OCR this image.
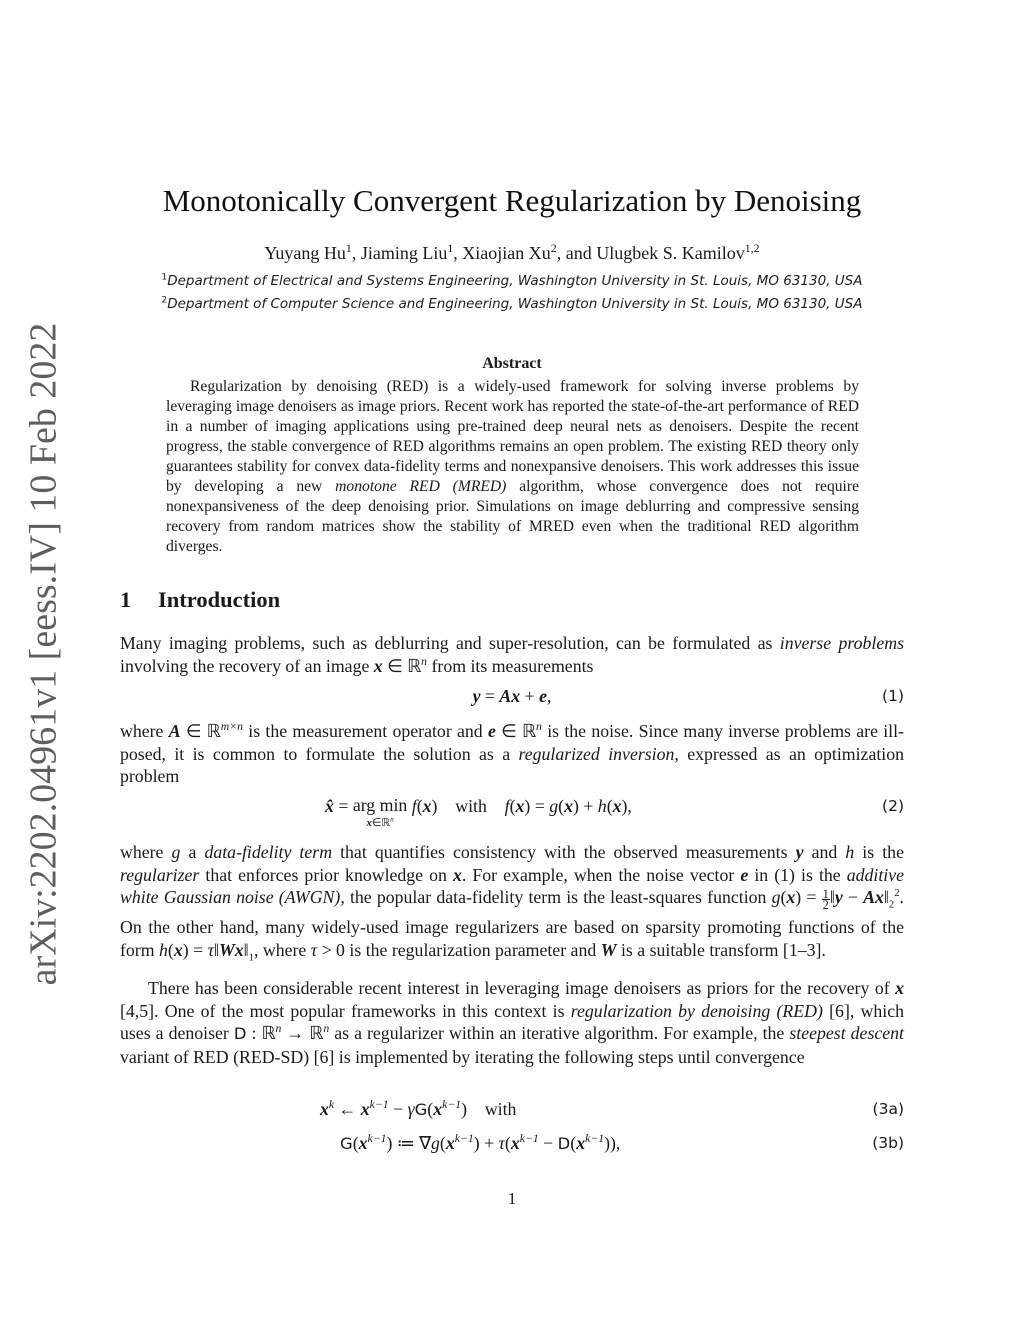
arXiv:2202.04961v1 [eess.IV] 10 Feb 2022
Monotonically Convergent Regularization by Denoising
Yuyang Hu$^1$, Jiaming Liu$^1$, Xiaojian Xu$^2$, and Ulugbek S. Kamilov$^{1,2}$
$^1$Department of Electrical and Systems Engineering, Washington University in St. Louis, MO 63130, USA
$^2$Department of Computer Science and Engineering, Washington University in St. Louis, MO 63130, USA
Abstract

Regularization by denoising (RED) is a widely-used framework for solving inverse problems by leveraging image denoisers as image priors. Recent work has reported the state-of-the-art performance of RED in a number of imaging applications using pre-trained deep neural nets as denoisers. Despite the recent progress, the stable convergence of RED algorithms remains an open problem. The existing RED theory only guarantees stability for convex data-fidelity terms and nonexpansive denoisers. This work addresses this issue by developing a new monotone RED (MRED) algorithm, whose convergence does not require nonexpansiveness of the deep denoising prior. Simulations on image deblurring and compressive sensing recovery from random matrices show the stability of MRED even when the traditional RED algorithm diverges.

1 Introduction

Many imaging problems, such as deblurring and super-resolution, can be formulated as inverse problems involving the recovery of an image x ∈ ℝ$^n$ from its measurements

y = Ax + e,	(1)

where A ∈ ℝ$^{m\times n}$ is the measurement operator and e ∈ ℝ$^n$ is the noise. Since many inverse problems are ill-posed, it is common to formulate the solution as a regularized inversion, expressed as an optimization problem

x̂ = arg min
x∈ℝ$^n$
f(x)    with f(x) = g(x) + h(x),	(2)

where g a data-fidelity term that quantifies consistency with the observed measurements y and h is the regularizer that enforces prior knowledge on x. For example, when the noise vector e in (1) is the additive white Gaussian noise (AWGN), the popular data-fidelity term is the least-squares function g(x) = 1
2‖y − $Ax‖_2^2$. On the other hand, many widely-used image regularizers are based on sparsity promoting functions of the form $h(x) = \tau‖Wx‖_1$, where τ > 0 is the regularization parameter and W is a suitable transform [1–3].

There has been considerable recent interest in leveraging image denoisers as priors for the recovery of x [4,5]. One of the most popular frameworks in this context is regularization by denoising (RED) [6], which uses a denoiser D : ℝ$^n$ → ℝ$^n$ as a regularizer within an iterative algorithm. For example, the steepest descent variant of RED (RED-SD) [6] is implemented by iterating the following steps until convergence

$x^k$ ← $x^{k-1} - \gamma G(x^{k-1})$    with	(3a)
$G(x^{k-1})$ ≔ $\nabla g(x^{k-1}) + \tau(x^{k-1} - D(x^{k-1}))$,	(3b)
1
